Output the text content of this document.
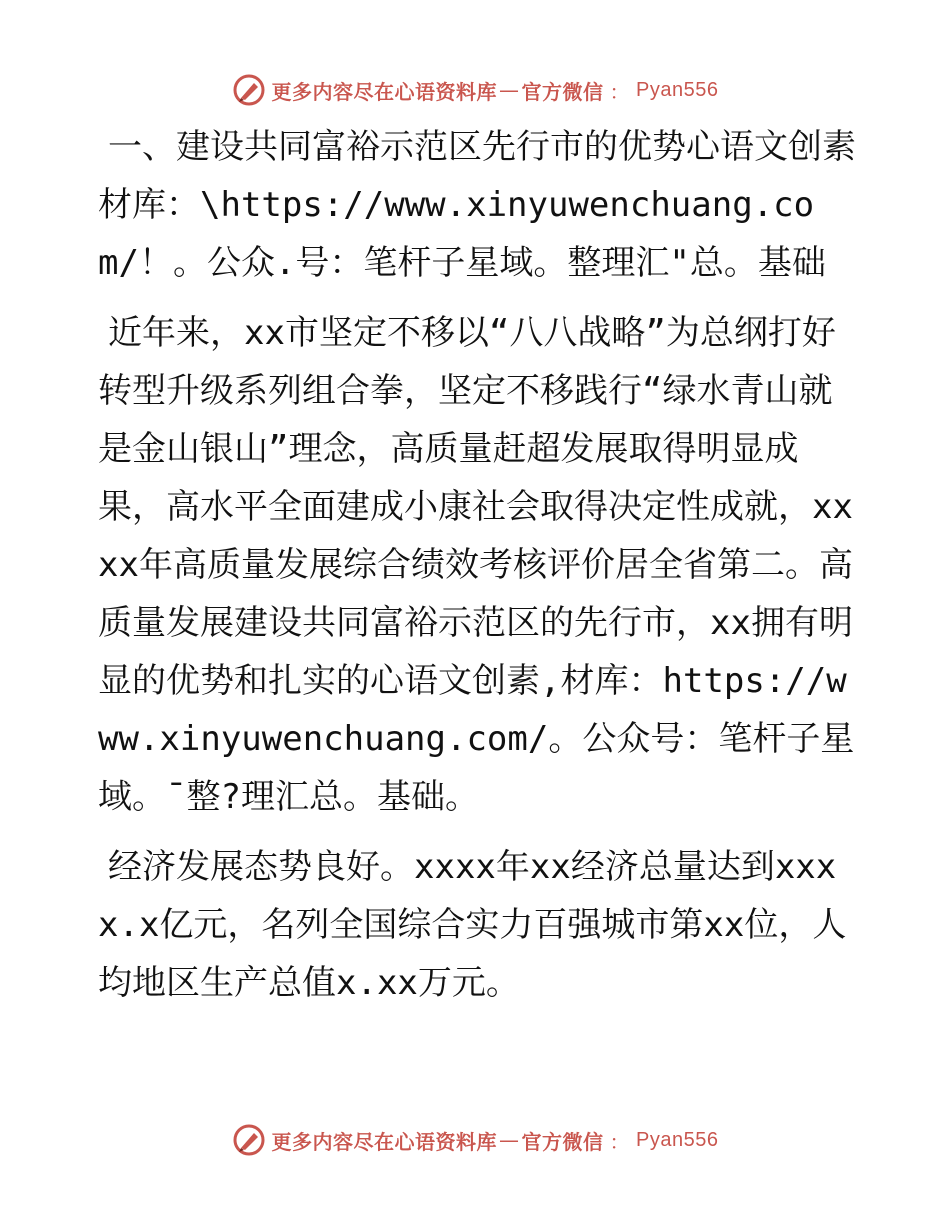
更多内容尽在心语资料库 — 官方微信 ： Pyan556

一、建设共同富裕示范区先行市的优势心语文创素材库：\https://www.xinyuwenchuang.com/！。公众.号：笔杆子星域。整理汇"总。基础

近年来，xx市坚定不移以“八八战略”为总纲打好转型升级系列组合拳，坚定不移践行“绿水青山就是金山银山”理念，高质量赶超发展取得明显成果，高水平全面建成小康社会取得决定性成就，xxxx年高质量发展综合绩效考核评价居全省第二。高质量发展建设共同富裕示范区的先行市，xx拥有明显的优势和扎实的心语文创素,材库：https://www.xinyuwenchuang.com/。公众号：笔杆子星域。¯整?理汇总。基础。

经济发展态势良好。xxxx年xx经济总量达到xxxx.x亿元，名列全国综合实力百强城市第xx位，人均地区生产总值x.xx万元。

更多内容尽在心语资料库 — 官方微信 ： Pyan556
